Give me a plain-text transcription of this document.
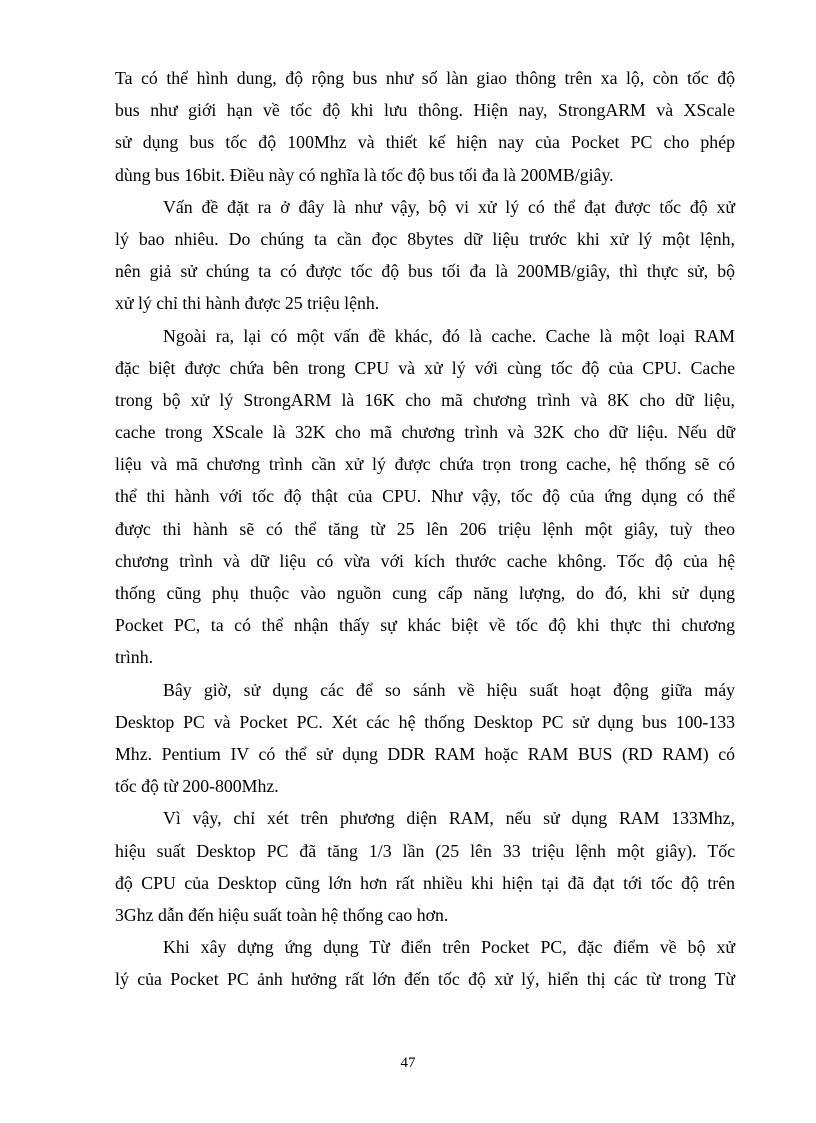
Ta có thể hình dung, độ rộng bus như số làn giao thông trên xa lộ, còn tốc độ
bus như giới hạn về tốc độ khi lưu thông. Hiện nay, StrongARM và XScale
sử dụng bus tốc độ 100Mhz và thiết kế hiện nay của Pocket PC cho phép
dùng bus 16bit. Điều này có nghĩa là tốc độ bus tối đa là 200MB/giây.
Vấn đề đặt ra ở đây là như vậy, bộ vi xử lý có thể đạt được tốc độ xử
lý bao nhiêu. Do chúng ta cần đọc 8bytes dữ liệu trước khi xử lý một lệnh,
nên giả sử chúng ta có được tốc độ bus tối đa là 200MB/giây, thì thực sử, bộ
xử lý chỉ thi hành được 25 triệu lệnh.
Ngoài ra, lại có một vấn đề khác, đó là cache. Cache là một loại RAM
đặc biệt được chứa bên trong CPU và xử lý với cùng tốc độ của CPU. Cache
trong bộ xử lý StrongARM là 16K cho mã chương trình và 8K cho dữ liệu,
cache trong XScale là 32K cho mã chương trình và 32K cho dữ liệu. Nếu dữ
liệu và mã chương trình cần xử lý được chứa trọn trong cache, hệ thống sẽ có
thể thi hành với tốc độ thật của CPU. Như vậy, tốc độ của ứng dụng có thể
được thi hành sẽ có thể tăng từ 25 lên 206 triệu lệnh một giây, tuỳ theo
chương trình và dữ liệu có vừa với kích thước cache không. Tốc độ của hệ
thống cũng phụ thuộc vào nguồn cung cấp năng lượng, do đó, khi sử dụng
Pocket PC, ta có thể nhận thấy sự khác biệt về tốc độ khi thực thi chương
trình.
Bây giờ, sử dụng các để so sánh về hiệu suất hoạt động giữa máy
Desktop PC và Pocket PC. Xét các hệ thống Desktop PC sử dụng bus 100-133
Mhz. Pentium IV có thể sử dụng DDR RAM hoặc RAM BUS (RD RAM) có
tốc độ từ 200-800Mhz.
Vì vậy, chỉ xét trên phương diện RAM, nếu sử dụng RAM 133Mhz,
hiệu suất Desktop PC đã tăng 1/3 lần (25 lên 33 triệu lệnh một giây). Tốc
độ CPU của Desktop cũng lớn hơn rất nhiều khi hiện tại đã đạt tới tốc độ trên
3Ghz dẫn đến hiệu suất toàn hệ thống cao hơn.
Khi xây dựng ứng dụng Từ điển trên Pocket PC, đặc điểm về bộ xử
lý của Pocket PC ảnh hưởng rất lớn đến tốc độ xử lý, hiển thị các từ trong Từ
47
